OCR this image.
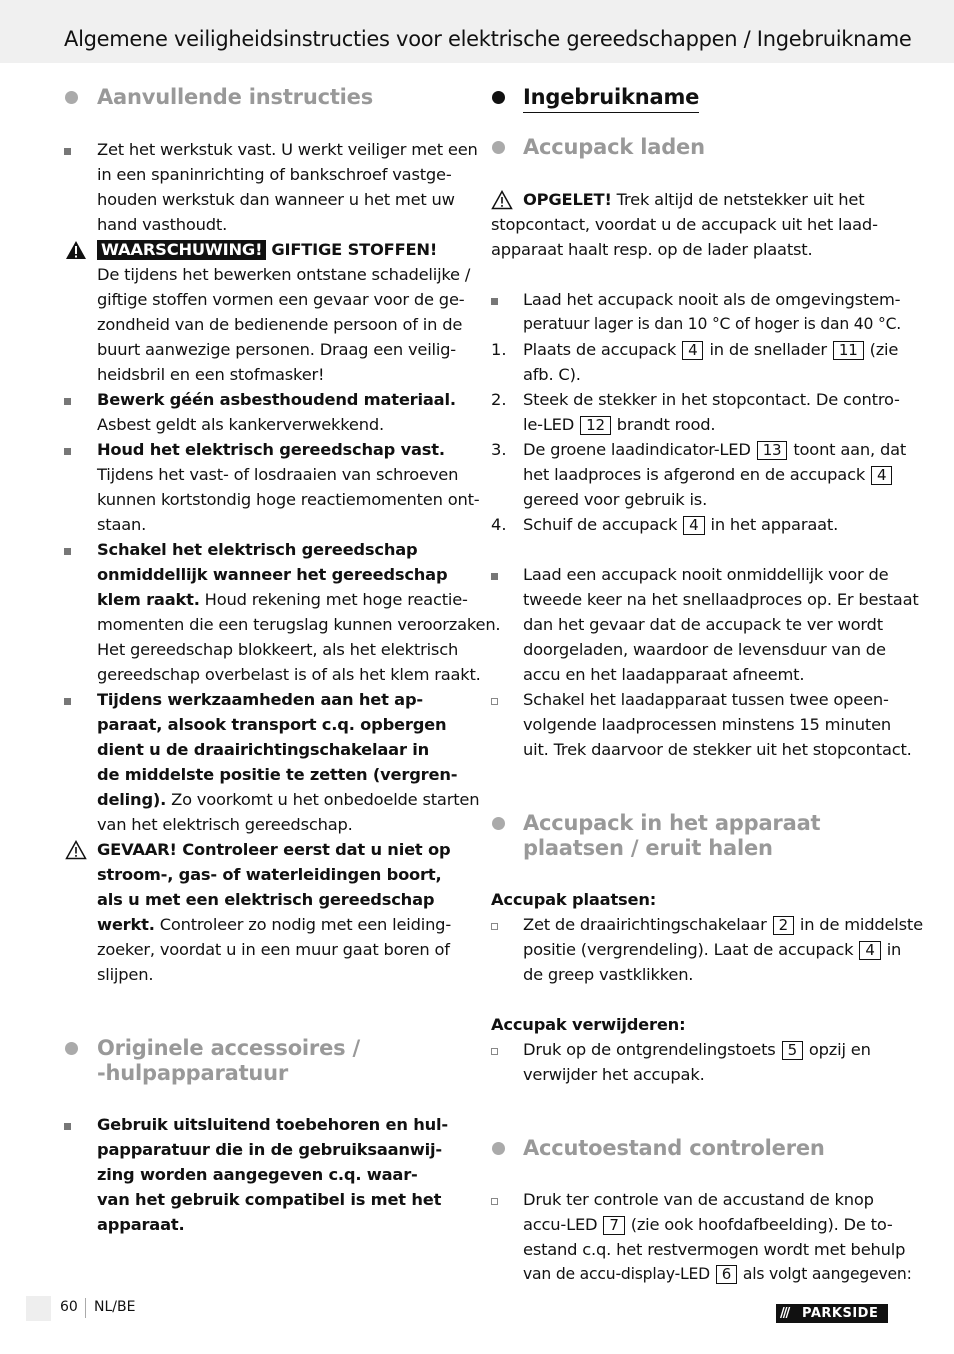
Algemene veiligheidsinstructies voor elektrische gereedschappen / Ingebruikname
Aanvullende instructies
Zet het werkstuk vast. U werkt veiliger met een
in een spaninrichting of bankschroef vastge-
houden werkstuk dan wanneer u het met uw
hand vasthoudt.
WAARSCHUWING! GIFTIGE STOFFEN!
De tijdens het bewerken ontstane schadelijke /
giftige stoffen vormen een gevaar voor de ge-
zondheid van de bedienende persoon of in de
buurt aanwezige personen. Draag een veilig-
heidsbril en een stofmasker!
Bewerk géén asbesthoudend materiaal.
Asbest geldt als kankerverwekkend.
Houd het elektrisch gereedschap vast.
Tijdens het vast- of losdraaien van schroeven
kunnen kortstondig hoge reactiemomenten ont-
staan.
Schakel het elektrisch gereedschap
onmiddellijk wanneer het gereedschap
klem raakt. Houd rekening met hoge reactie-
momenten die een terugslag kunnen veroorzaken.
Het gereedschap blokkeert, als het elektrisch
gereedschap overbelast is of als het klem raakt.
Tijdens werkzaamheden aan het ap-
paraat, alsook transport c.q. opbergen
dient u de draairichtingschakelaar in
de middelste positie te zetten (vergren-
deling). Zo voorkomt u het onbedoelde starten
van het elektrisch gereedschap.
GEVAAR! Controleer eerst dat u niet op
stroom-, gas- of waterleidingen boort,
als u met een elektrisch gereedschap
werkt. Controleer zo nodig met een leiding-
zoeker, voordat u in een muur gaat boren of
slijpen.
Originele accessoires /
-hulpapparatuur
Gebruik uitsluitend toebehoren en hul-
papparatuur die in de gebruiksaanwij-
zing worden aangegeven c.q. waar-
van het gebruik compatibel is met het
apparaat.
Ingebruikname
Accupack laden
OPGELET! Trek altijd de netstekker uit het
stopcontact, voordat u de accupack uit het laad-
apparaat haalt resp. op de lader plaatst.
Laad het accupack nooit als de omgevingstem-
peratuur lager is dan 10 °C of hoger is dan 40 °C.
1. Plaats de accupack 4 in de snellader 11 (zie
afb. C).
2. Steek de stekker in het stopcontact. De contro-
le-LED 12 brandt rood.
3. De groene laadindicator-LED 13 toont aan, dat
het laadproces is afgerond en de accupack 4
gereed voor gebruik is.
4. Schuif de accupack 4 in het apparaat.
Laad een accupack nooit onmiddellijk voor de
tweede keer na het snellaadproces op. Er bestaat
dan het gevaar dat de accupack te ver wordt
doorgeladen, waardoor de levensduur van de
accu en het laadapparaat afneemt.
Schakel het laadapparaat tussen twee opeen-
volgende laadprocessen minstens 15 minuten
uit. Trek daarvoor de stekker uit het stopcontact.
Accupack in het apparaat
plaatsen / eruit halen
Accupak plaatsen:
Zet de draairichtingschakelaar 2 in de middelste
positie (vergrendeling). Laat de accupack 4 in
de greep vastklikken.
Accupak verwijderen:
Druk op de ontgrendelingstoets 5 opzij en
verwijder het accupak.
Accutoestand controleren
Druk ter controle van de accustand de knop
accu-LED 7 (zie ook hoofdafbeelding). De to-
estand c.q. het restvermogen wordt met behulp
van de accu-display-LED 6 als volgt aangegeven:
60 NL/BE	/// PARKSIDE
